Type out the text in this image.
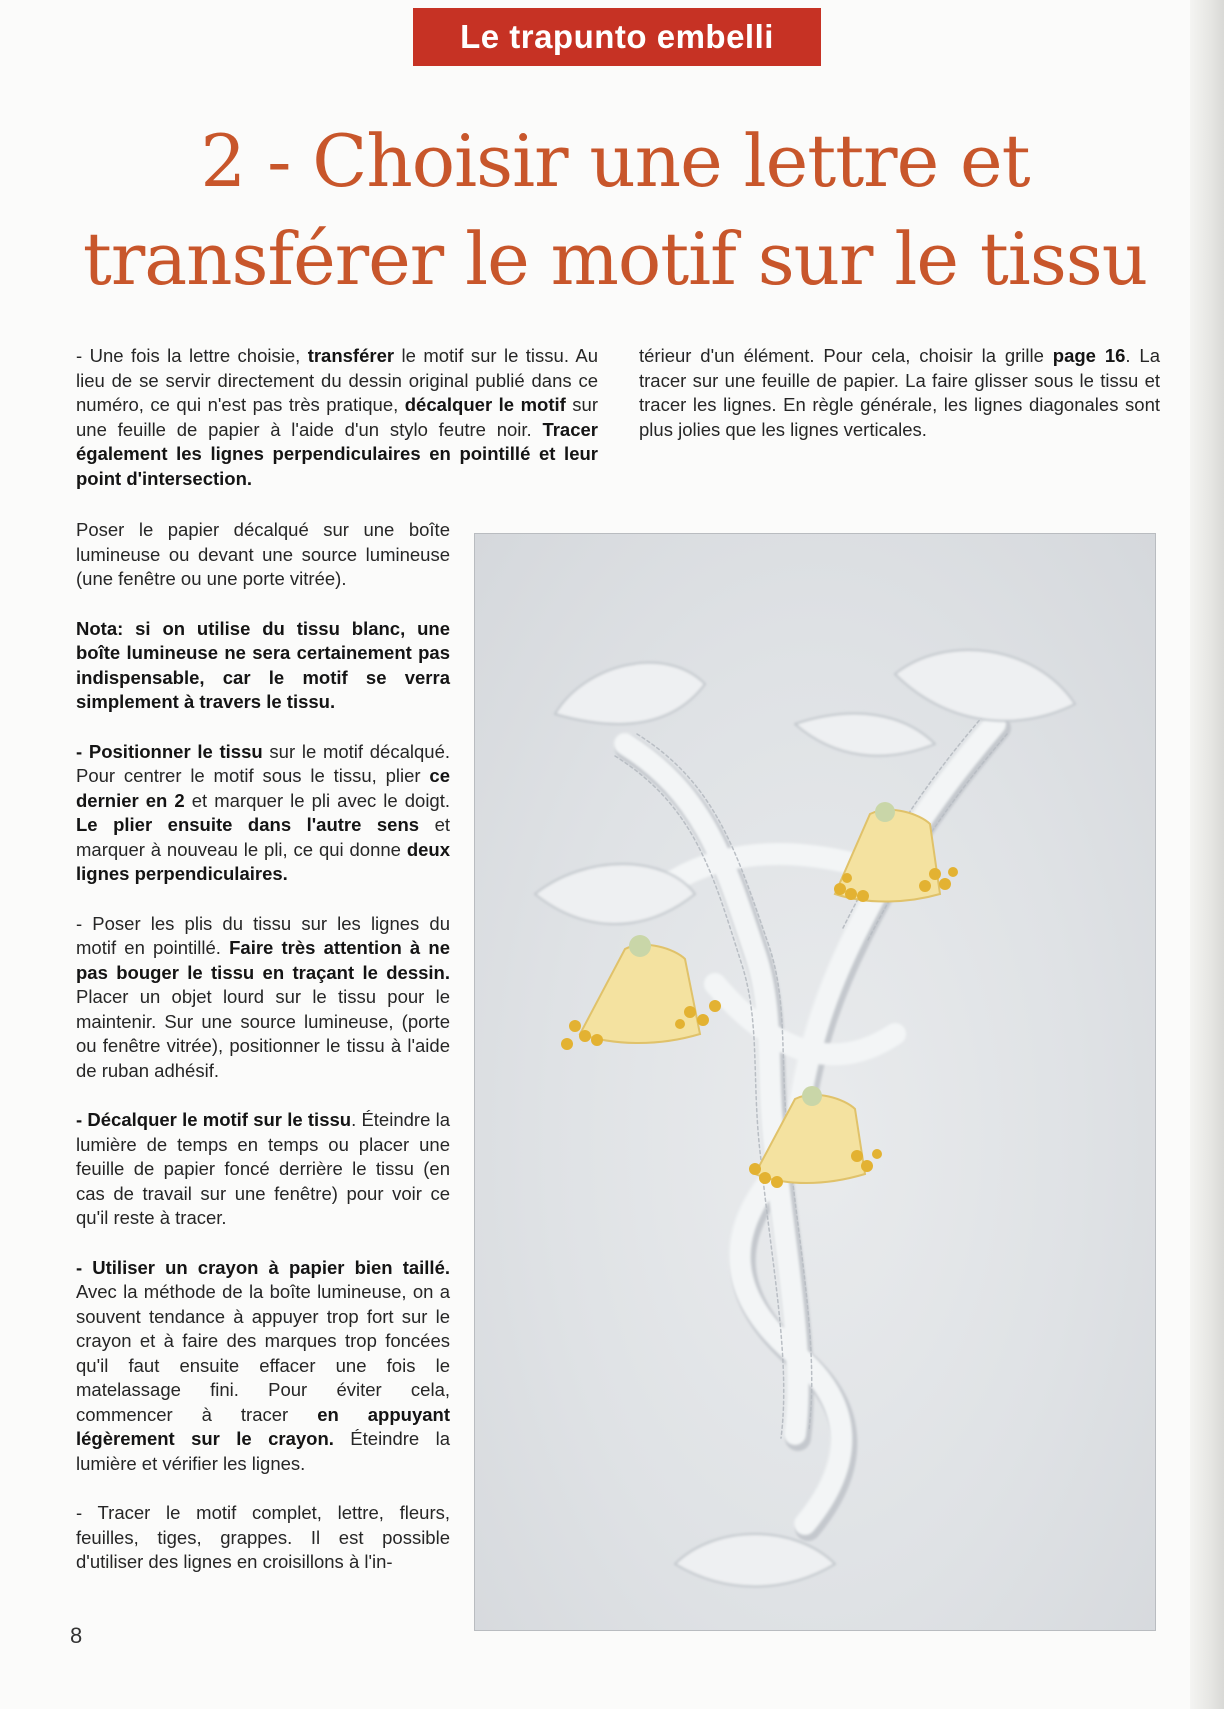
Le trapunto embelli
2 - Choisir une lettre et
transférer le motif sur le tissu

- Une fois la lettre choisie, transférer le motif sur le tissu. Au lieu de se servir directement du dessin original publié dans ce numéro, ce qui n'est pas très pratique, décalquer le motif sur une feuille de papier à l'aide d'un stylo feutre noir. Tracer également les lignes perpendiculaires en pointillé et leur point d'intersection.

térieur d'un élément. Pour cela, choisir la grille page 16. La tracer sur une feuille de papier. La faire glisser sous le tissu et tracer les lignes. En règle générale, les lignes diagonales sont plus jolies que les lignes verticales.

Poser le papier décalqué sur une boîte lumineuse ou devant une source lumineuse (une fenêtre ou une porte vitrée).

Nota: si on utilise du tissu blanc, une boîte lumineuse ne sera certainement pas indispensable, car le motif se verra simplement à travers le tissu.

- Positionner le tissu sur le motif décalqué. Pour centrer le motif sous le tissu, plier ce dernier en 2 et marquer le pli avec le doigt. Le plier ensuite dans l'autre sens et marquer à nouveau le pli, ce qui donne deux lignes perpendiculaires.

- Poser les plis du tissu sur les lignes du motif en pointillé. Faire très attention à ne pas bouger le tissu en traçant le dessin. Placer un objet lourd sur le tissu pour le maintenir. Sur une source lumineuse, (porte ou fenêtre vitrée), positionner le tissu à l'aide de ruban adhésif.

- Décalquer le motif sur le tissu. Éteindre la lumière de temps en temps ou placer une feuille de papier foncé derrière le tissu (en cas de travail sur une fenêtre) pour voir ce qu'il reste à tracer.

- Utiliser un crayon à papier bien taillé. Avec la méthode de la boîte lumineuse, on a souvent tendance à appuyer trop fort sur le crayon et à faire des marques trop foncées qu'il faut ensuite effacer une fois le matelassage fini. Pour éviter cela, commencer à tracer en appuyant légèrement sur le crayon. Éteindre la lumière et vérifier les lignes.

- Tracer le motif complet, lettre, fleurs, feuilles, tiges, grappes. Il est possible d'utiliser des lignes en croisillons à l'in-

8
